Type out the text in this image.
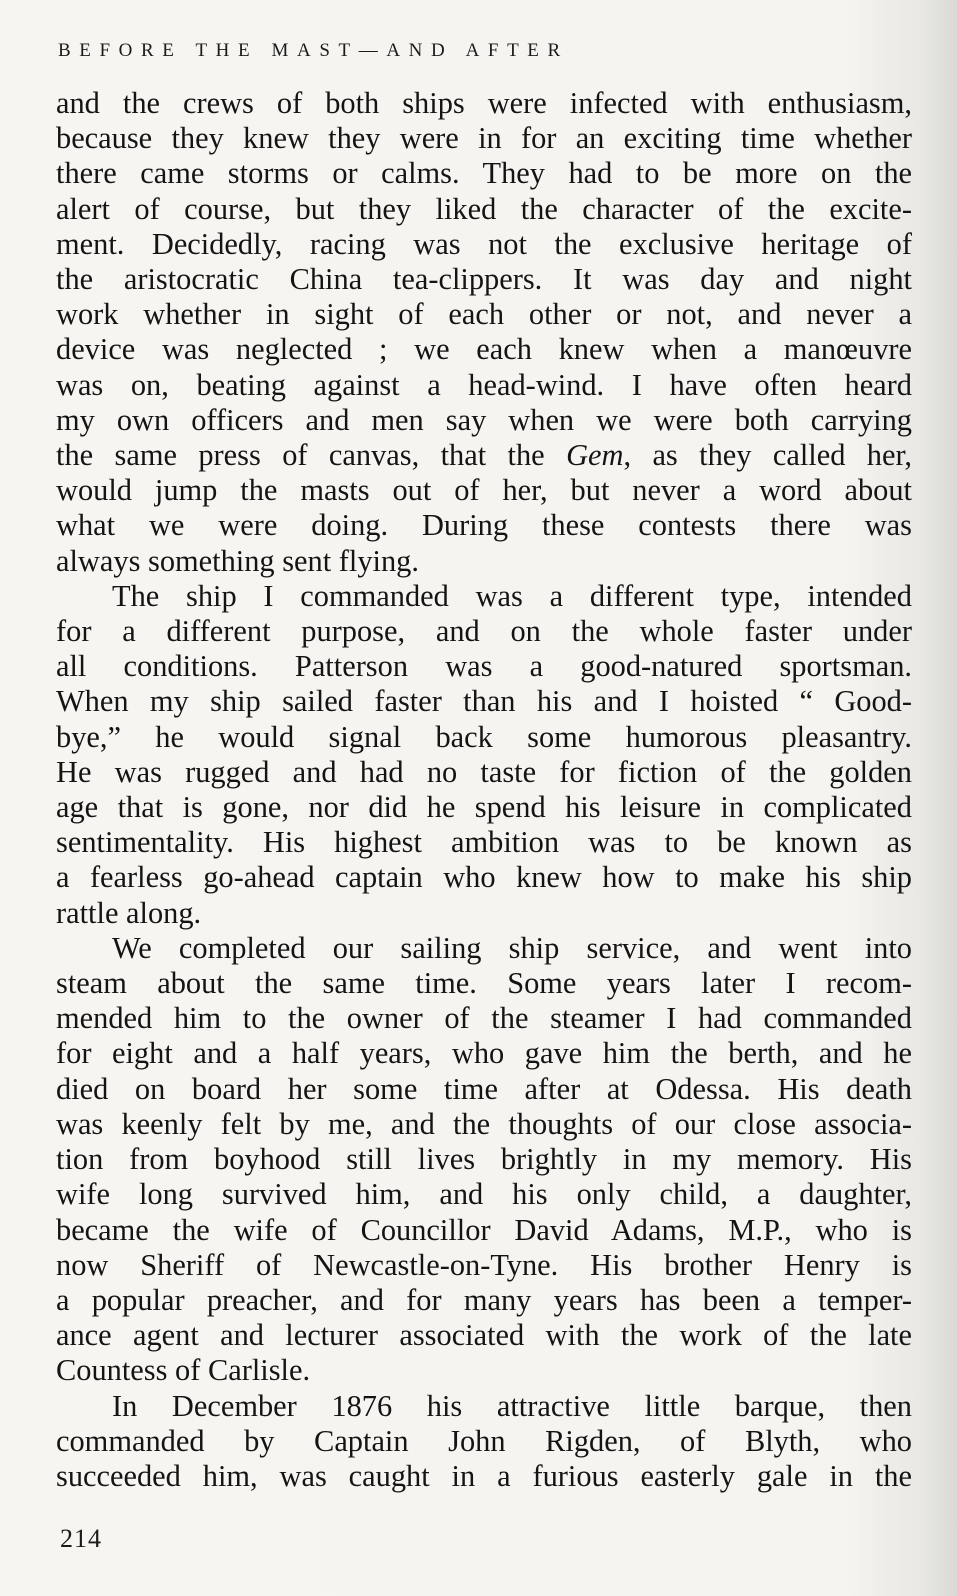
BEFORE THE MAST—AND AFTER
and the crews of both ships were infected with enthusiasm,
because they knew they were in for an exciting time whether
there came storms or calms. They had to be more on the
alert of course, but they liked the character of the excite-
ment. Decidedly, racing was not the exclusive heritage of
the aristocratic China tea-clippers. It was day and night
work whether in sight of each other or not, and never a
device was neglected ; we each knew when a manœuvre
was on, beating against a head-wind. I have often heard
my own officers and men say when we were both carrying
the same press of canvas, that the Gem, as they called her,
would jump the masts out of her, but never a word about
what we were doing. During these contests there was
always something sent flying.
The ship I commanded was a different type, intended
for a different purpose, and on the whole faster under
all conditions. Patterson was a good-natured sportsman.
When my ship sailed faster than his and I hoisted “ Good-
bye,” he would signal back some humorous pleasantry.
He was rugged and had no taste for fiction of the golden
age that is gone, nor did he spend his leisure in complicated
sentimentality. His highest ambition was to be known as
a fearless go-ahead captain who knew how to make his ship
rattle along.
We completed our sailing ship service, and went into
steam about the same time. Some years later I recom-
mended him to the owner of the steamer I had commanded
for eight and a half years, who gave him the berth, and he
died on board her some time after at Odessa. His death
was keenly felt by me, and the thoughts of our close associa-
tion from boyhood still lives brightly in my memory. His
wife long survived him, and his only child, a daughter,
became the wife of Councillor David Adams, M.P., who is
now Sheriff of Newcastle-on-Tyne. His brother Henry is
a popular preacher, and for many years has been a temper-
ance agent and lecturer associated with the work of the late
Countess of Carlisle.
In December 1876 his attractive little barque, then
commanded by Captain John Rigden, of Blyth, who
succeeded him, was caught in a furious easterly gale in the
214
